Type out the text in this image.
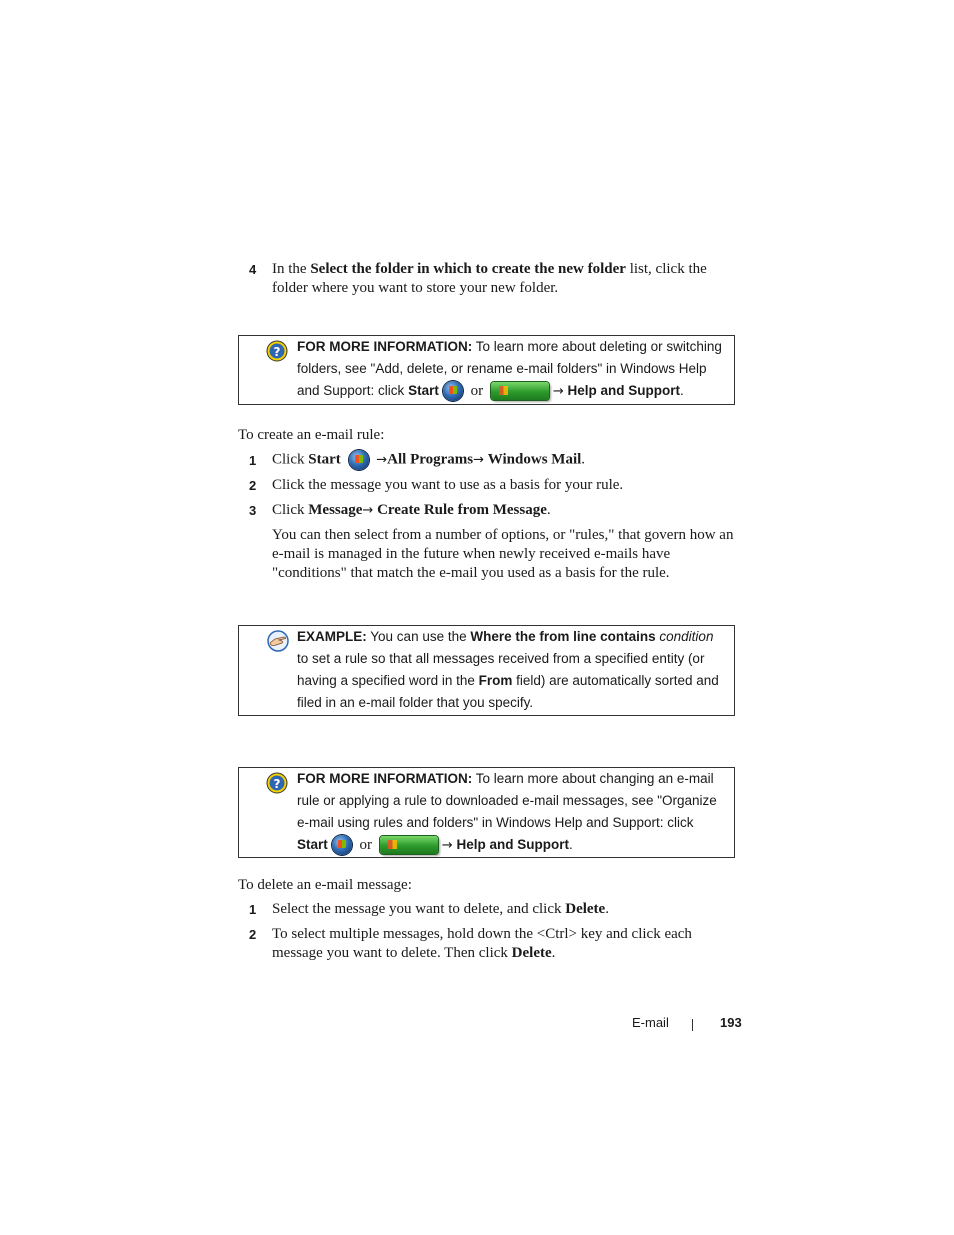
4 In the Select the folder in which to create the new folder list, click the folder where you want to store your new folder.
? FOR MORE INFORMATION: To learn more about deleting or switching folders, see "Add, delete, or rename e-mail folders" in Windows Help and Support: click Start or	→ Help and Support.
To create an e-mail rule:
1 Click Start	→All Programs→ Windows Mail.
2 Click the message you want to use as a basis for your rule.
3 Click Message→ Create Rule from Message.
You can then select from a number of options, or "rules," that govern how an e-mail is managed in the future when newly received e-mails have "conditions" that match the e-mail you used as a basis for the rule.
EXAMPLE: You can use the Where the from line contains condition to set a rule so that all messages received from a specified entity (or having a specified word in the From field) are automatically sorted and filed in an e-mail folder that you specify.
? FOR MORE INFORMATION: To learn more about changing an e-mail rule or applying a rule to downloaded e-mail messages, see "Organize e-mail using rules and folders" in Windows Help and Support: click Start or	→ Help and Support.
To delete an e-mail message:
1 Select the message you want to delete, and click Delete.
2 To select multiple messages, hold down the <Ctrl> key and click each message you want to delete. Then click Delete.
E-mail	193
